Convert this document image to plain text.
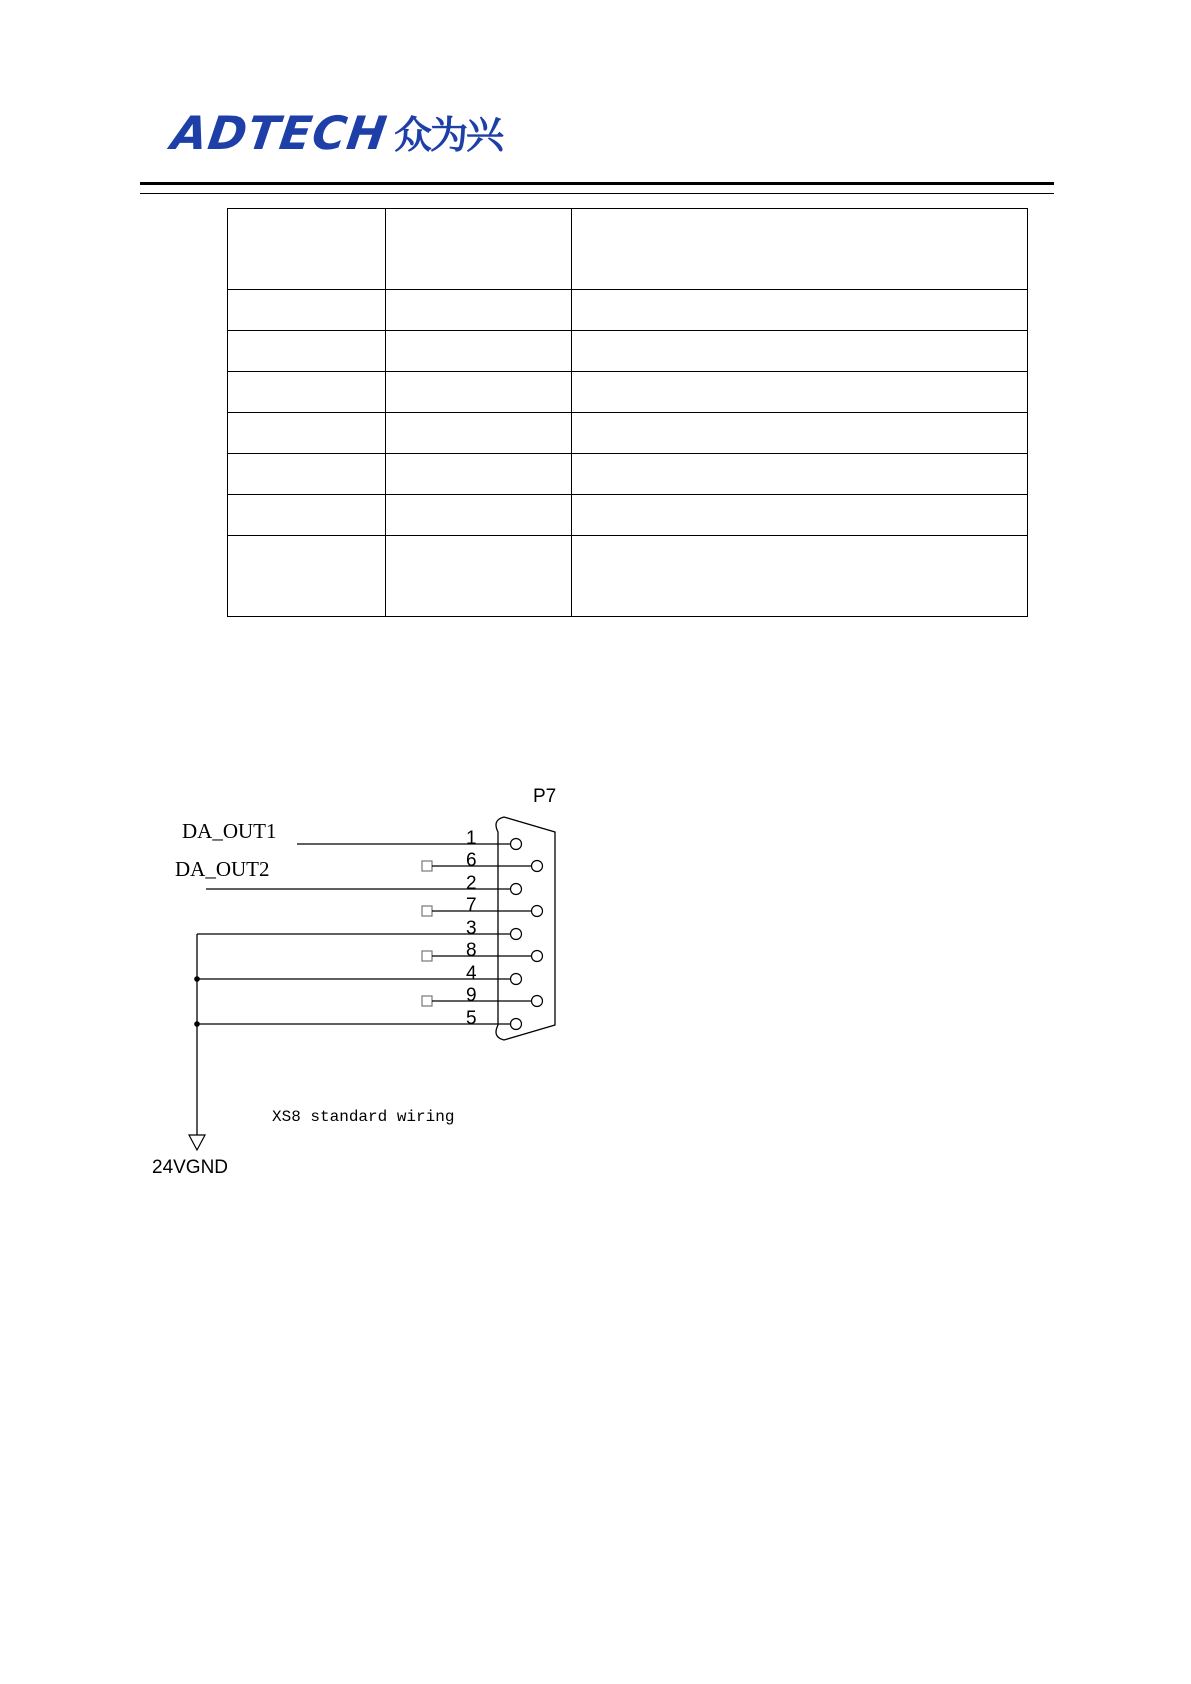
ADTECH 众为兴

P7
DA_OUT1
DA_OUT2
1
6
2
7
3
8
4
9
5
24VGND
XS8 standard wiring
